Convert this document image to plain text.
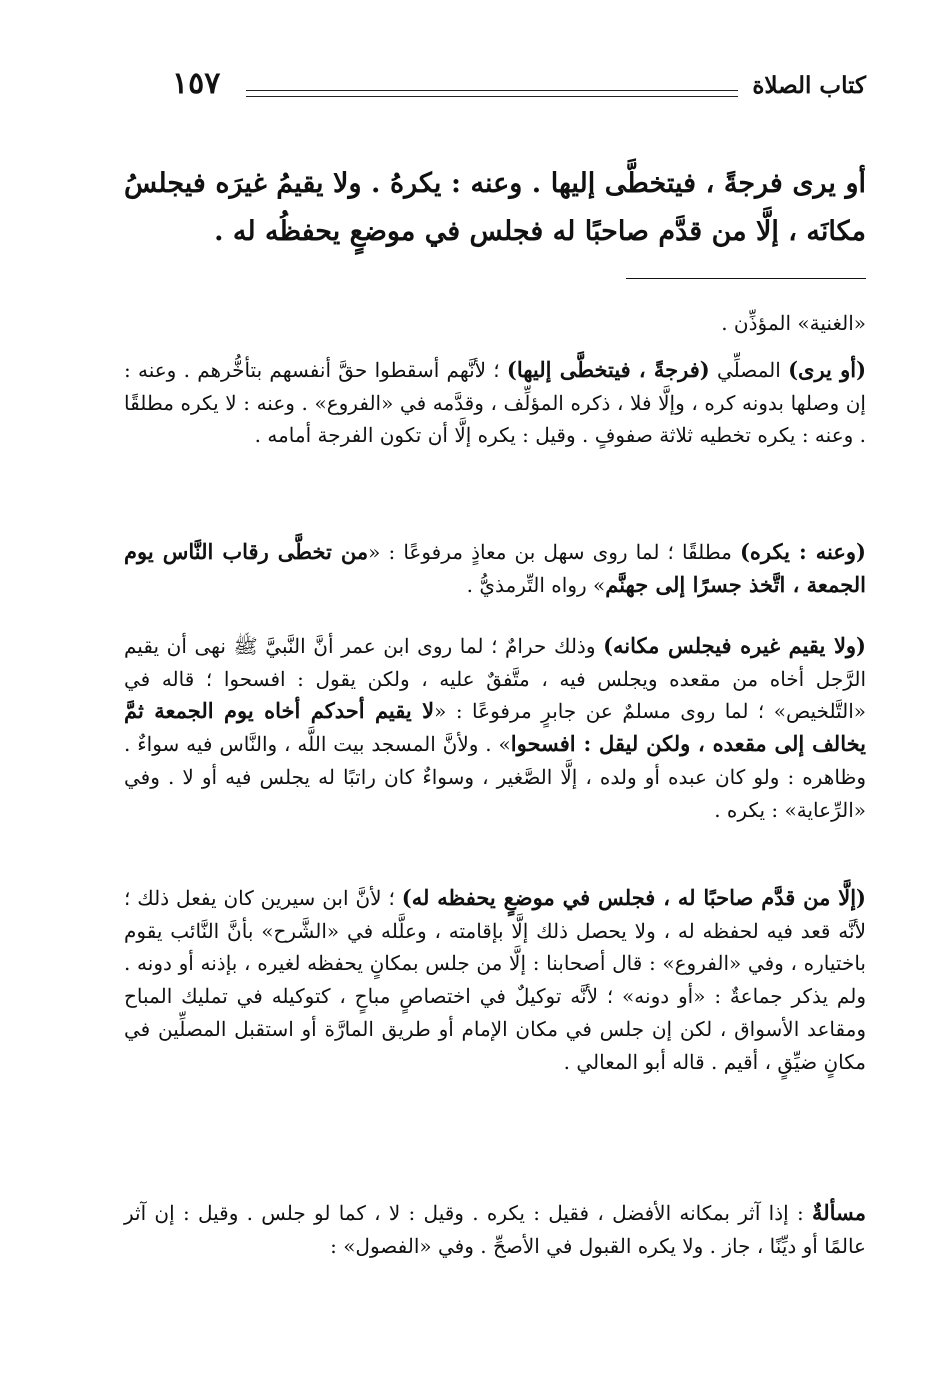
١٥٧	كتاب الصلاة
أو يرى فرجةً ، فيتخطَّى إليها . وعنه : يكرهُ . ولا يقيمُ غيرَه فيجلسُ مكانَه ، إلَّا من قدَّم صاحبًا له فجلس في موضعٍ يحفظُه له .

«الغنية» المؤذِّن .

(أو يرى) المصلِّي (فرجةً ، فيتخطَّى إليها) ؛ لأنَّهم أسقطوا حقَّ أنفسهم بتأخُّرهم . وعنه : إن وصلها بدونه كره ، وإلَّا فلا ، ذكره المؤلِّف ، وقدَّمه في «الفروع» . وعنه : لا يكره مطلقًا . وعنه : يكره تخطيه ثلاثة صفوفٍ . وقيل : يكره إلَّا أن تكون الفرجة أمامه .

(وعنه : يكره) مطلقًا ؛ لما روى سهل بن معاذٍ مرفوعًا : «من تخطَّى رقاب النَّاس يوم الجمعة ، اتَّخذ جسرًا إلى جهنَّم» رواه التِّرمذيُّ .

(ولا يقيم غيره فيجلس مكانه) وذلك حرامٌ ؛ لما روى ابن عمر أنَّ النَّبيَّ ﷺ نهى أن يقيم الرَّجل أخاه من مقعده ويجلس فيه ، متَّفقٌ عليه ، ولكن يقول : افسحوا ؛ قاله في «التَّلخيص» ؛ لما روى مسلمٌ عن جابرٍ مرفوعًا : «لا يقيم أحدكم أخاه يوم الجمعة ثمَّ يخالف إلى مقعده ، ولكن ليقل : افسحوا» . ولأنَّ المسجد بيت اللَّه ، والنَّاس فيه سواءٌ . وظاهره : ولو كان عبده أو ولده ، إلَّا الصَّغير ، وسواءٌ كان راتبًا له يجلس فيه أو لا . وفي «الرِّعاية» : يكره .

(إلَّا من قدَّم صاحبًا له ، فجلس في موضعٍ يحفظه له) ؛ لأنَّ ابن سيرين كان يفعل ذلك ؛ لأنَّه قعد فيه لحفظه له ، ولا يحصل ذلك إلَّا بإقامته ، وعلَّله في «الشَّرح» بأنَّ النَّائب يقوم باختياره ، وفي «الفروع» : قال أصحابنا : إلَّا من جلس بمكانٍ يحفظه لغيره ، بإذنه أو دونه . ولم يذكر جماعةٌ : «أو دونه» ؛ لأنَّه توكيلٌ في اختصاصٍ مباحٍ ، كتوكيله في تمليك المباح ومقاعد الأسواق ، لكن إن جلس في مكان الإمام أو طريق المارَّة أو استقبل المصلِّين في مكانٍ ضيِّقٍ ، أقيم . قاله أبو المعالي .

مسألةٌ : إذا آثر بمكانه الأفضل ، فقيل : يكره . وقيل : لا ، كما لو جلس . وقيل : إن آثر عالمًا أو ديِّنًا ، جاز . ولا يكره القبول في الأصحِّ . وفي «الفصول» :
